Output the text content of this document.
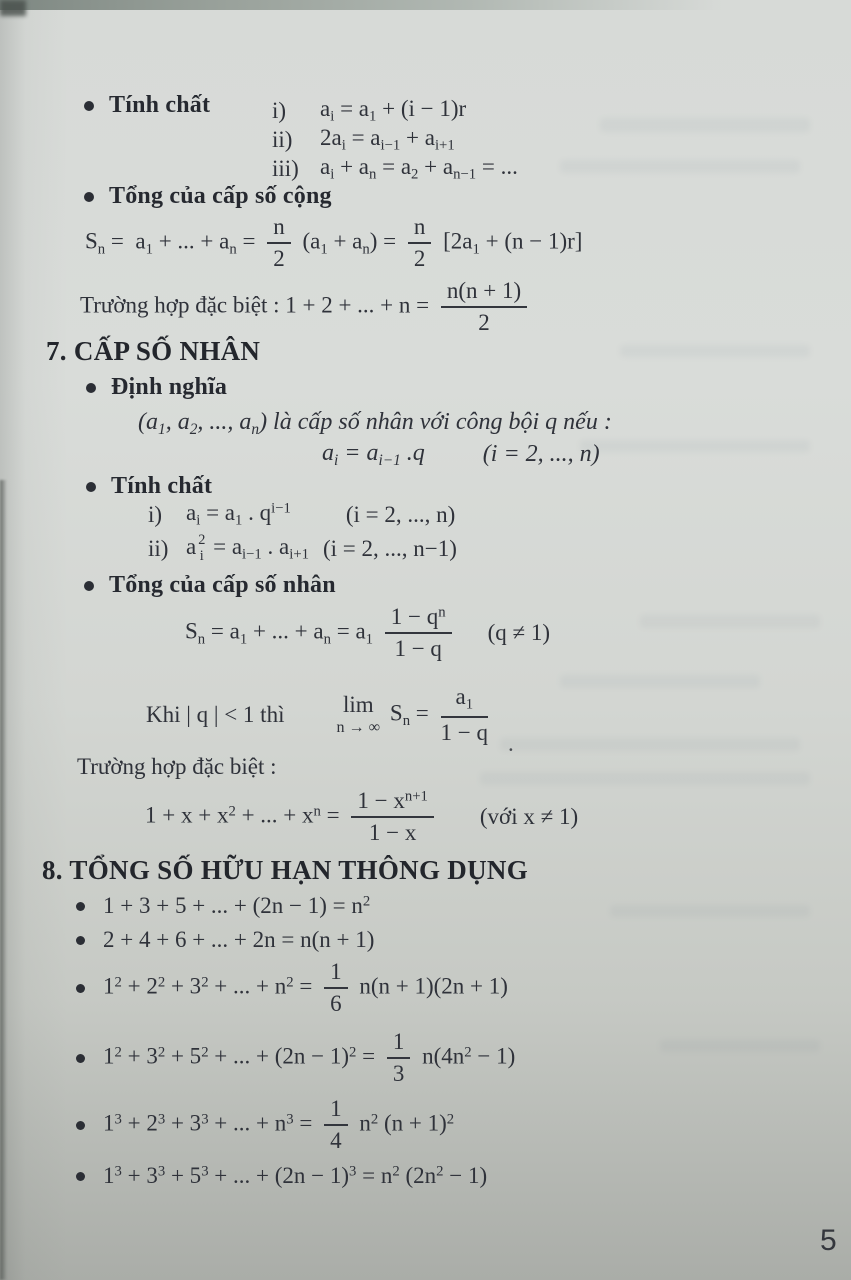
Tính chất	i)	$a_i = a_1 + (i - 1)r$
ii)	$2a_i = a_{i-1} + a_{i+1}$
iii) $a_i + a_n = a_2 + a_{n-1}$ = ...
Tổng của cấp số cộng
$S_n = a_1$ + ... + $a_n = \frac{n}{2} (a_1 + a_n) = \frac{n}{2} [2a_1 + (n - 1)r]$
Trường hợp đặc biệt : 1 + 2 + ... + $n = \frac{n(n + 1)}{2}$
7. CẤP SỐ NHÂN
Định nghĩa
($a_1$, $a_2$, ..., $a_n$) là cấp số nhân với công bội q nếu :
$a_i = a_{i-1}$ .q (i = 2, ..., n)
Tính chất
i)	$a_i = a_1$ . $q^{i-1}$ (i = 2, ..., n)
ii) a 2
$i = a_{i-1}$ . $a_{i+1}$ (i = 2, ..., n−1)
Tổng của cấp số nhân
$S_n = a_1$ + ... + $a_n = a_1 \frac{1 - q^n}{1 - q} (q \ne 1)$
Khi | q | < 1 thì	lim
n → ∞
$S_n = \frac{a_1}{1 - q}$ .
Trường hợp đặc biệt :
$1 + x + x^2$ + ... + $x^n = \frac{1 - x^{n+1}}{1 - x}$ (với x ≠ 1)
8. TỔNG SỐ HỮU HẠN THÔNG DỤNG
1 + 3 + 5 + ... + $(2n - 1) = n^2$
2 + 4 + 6 + ... + 2n = n(n + 1)
$1^2 + 2^2 + 3^2$ + ... + $n^2 = \frac{1}{6} n(n + 1)(2n + 1)$
$1^2 + 3^2 + 5^2$ + ... + $(2n - 1)^2 = \frac{1}{3} n(4n^2 - 1)$
$1^3 + 2^3 + 3^3$ + ... + $n^3 = \frac{1}{4} n^2$ $(n + 1)^2$
$1^3 + 3^3 + 5^3$ + ... + $(2n - 1)^3 = n^2$ $(2n^2 - 1)$
5
